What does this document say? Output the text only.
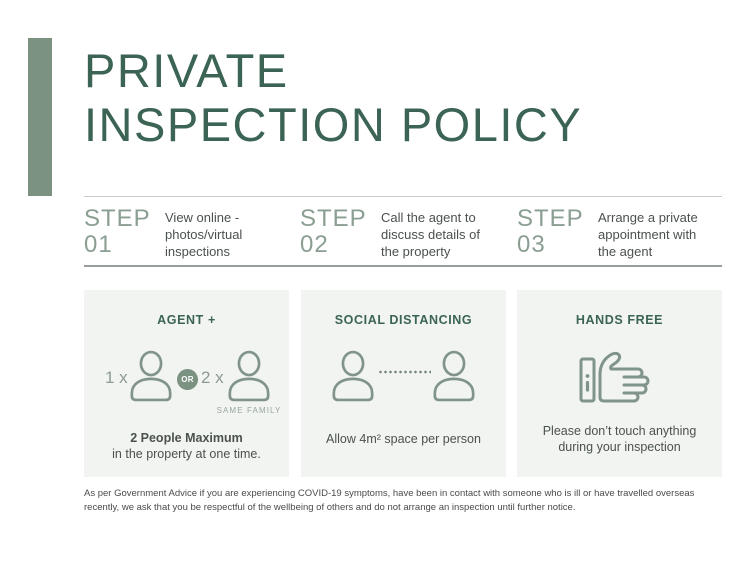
PRIVATE
INSPECTION POLICY
STEP
01
View online - photos/virtual inspections
STEP
02
Call the agent to discuss details of the property
STEP
03
Arrange a private appointment with the agent
AGENT +
1 x	OR 2 x
SAME FAMILY
2 People Maximum
in the property at one time.
SOCIAL DISTANCING
Allow 4m² space per person
HANDS FREE
Please don’t touch anything
during your inspection
As per Government Advice if you are experiencing COVID-19 symptoms, have been in contact with someone who is ill or have travelled overseas recently, we ask that you be respectful of the wellbeing of others and do not arrange an inspection until further notice.
